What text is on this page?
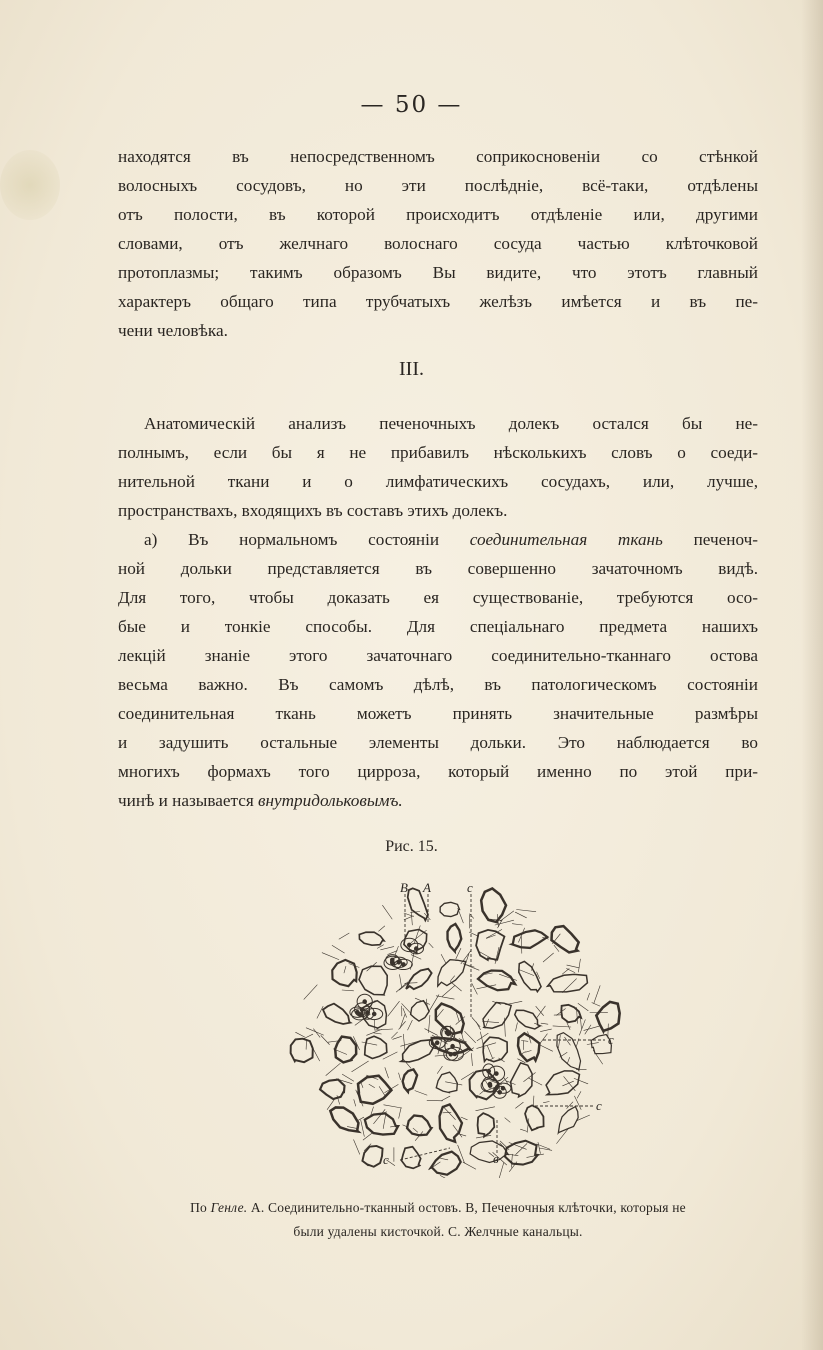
— 50 —
находятся въ непосредственномъ соприкосновеніи со стѣнкой
волосныхъ сосудовъ, но эти послѣдніе, всё-таки, отдѣлены
отъ полости, въ которой происходитъ отдѣленіе или, другими
словами, отъ желчнаго волоснаго сосуда частью клѣточковой
протоплазмы; такимъ образомъ Вы видите, что этотъ главный
характеръ общаго типа трубчатыхъ желѣзъ имѣется и въ пе-
чени человѣка.
III.
Анатомическій анализъ печеночныхъ долекъ остался бы не-
полнымъ, если бы я не прибавилъ нѣсколькихъ словъ о соеди-
нительной ткани и о лимфатическихъ сосудахъ, или, лучше,
пространствахъ, входящихъ въ составъ этихъ долекъ.
а) Въ нормальномъ состояніи соединительная ткань печеноч-
ной дольки представляется въ совершенно зачаточномъ видѣ.
Для того, чтобы доказать ея существованіе, требуются осо-
бые и тонкіе способы. Для спеціальнаго предмета нашихъ
лекцій знаніе этого зачаточнаго соединительно-тканнаго остова
весьма важно. Въ самомъ дѣлѣ, въ патологическомъ состояніи
соединительная ткань можетъ принять значительные размѣры
и задушить остальные элементы дольки. Это наблюдается во
многихъ формахъ того цирроза, который именно по этой при-
чинѣ и называется внутридольковымъ.
Рис. 15.
B A	c
c
c
c	в
По Генле. А. Соединительно-тканный остовъ. В, Печеночныя клѣточки, которыя не
были удалены кисточкой. С. Желчные канальцы.
